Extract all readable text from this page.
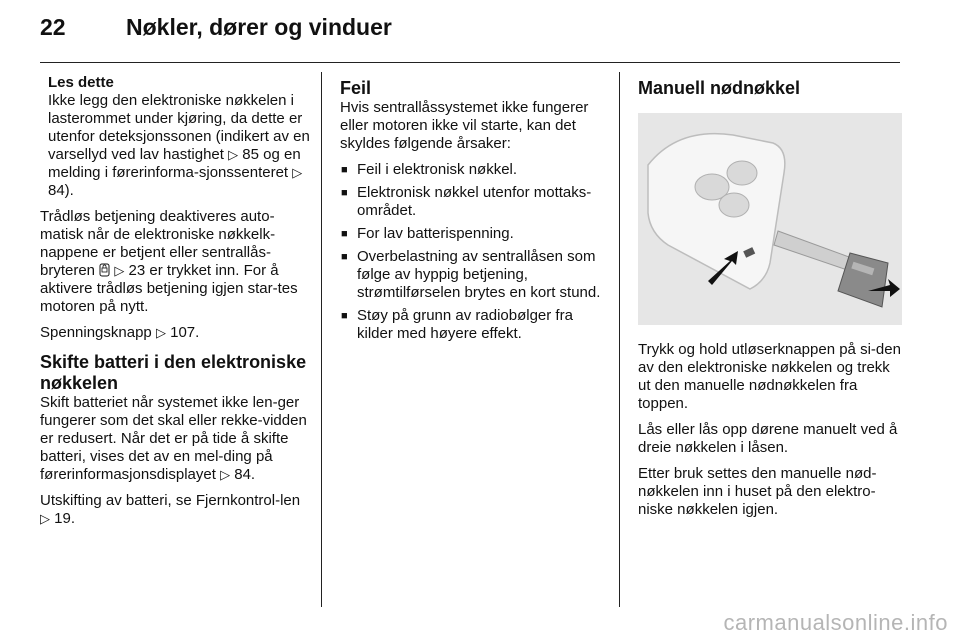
22	Nøkler, dører og vinduer
Les dette
Ikke legg den elektroniske nøkkelen i lasterommet under kjøring, da dette er utenfor deteksjonssonen (indikert av en varsellyd ved lav hastighet ▷ 85 og en melding i førerinforma-sjonssenteret ▷ 84).

Trådløs betjening deaktiveres auto-matisk når de elektroniske nøkkelk-nappene er betjent eller sentrallås-bryteren ▷ 23 er trykket inn. For å aktivere trådløs betjening igjen star-tes motoren på nytt.

Spenningsknapp ▷ 107.

Skifte batteri i den elektroniske nøkkelen

Skift batteriet når systemet ikke len-ger fungerer som det skal eller rekke-vidden er redusert. Når det er på tide å skifte batteri, vises det av en mel-ding på førerinformasjonsdisplayet ▷ 84.

Utskifting av batteri, se Fjernkontrol-len ▷ 19.

Feil

Hvis sentrallåssystemet ikke fungerer eller motoren ikke vil starte, kan det skyldes følgende årsaker:

■ Feil i elektronisk nøkkel.
■ Elektronisk nøkkel utenfor mottaks-området.
■ For lav batterispenning.
■ Overbelastning av sentrallåsen som følge av hyppig betjening, strømtilførselen brytes en kort stund.
■ Støy på grunn av radiobølger fra kilder med høyere effekt.
Manuell nødnøkkel

Trykk og hold utløserknappen på si-den av den elektroniske nøkkelen og trekk ut den manuelle nødnøkkelen fra toppen.

Lås eller lås opp dørene manuelt ved å dreie nøkkelen i låsen.

Etter bruk settes den manuelle nød-nøkkelen inn i huset på den elektro-niske nøkkelen igjen.

carmanualsonline.info
